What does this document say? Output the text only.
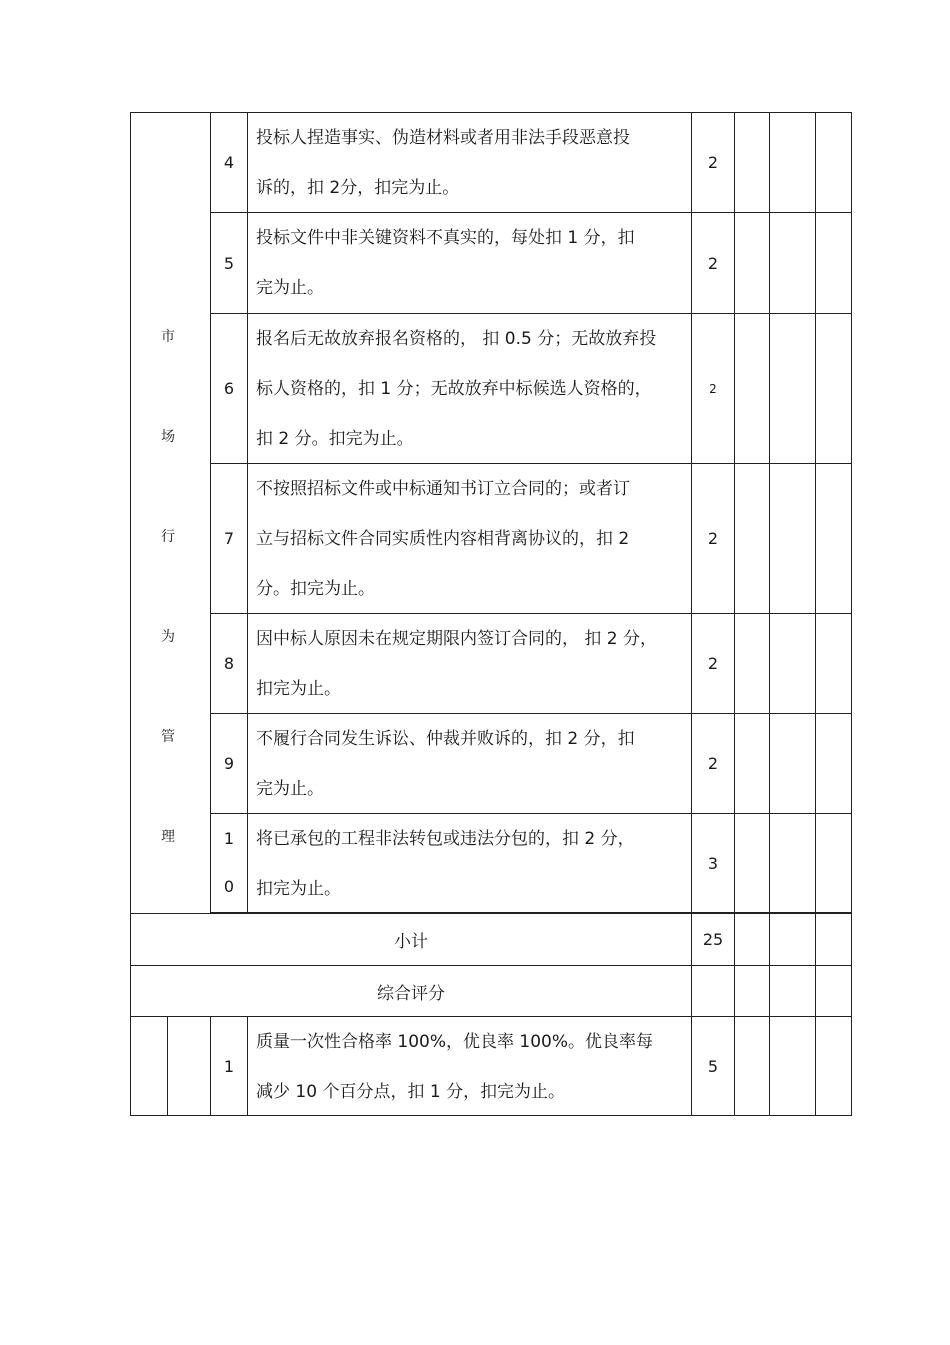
市
场
行
为
管
理
4
投标人捏造事实、伪造材料或者用非法手段恶意投
诉的，扣 2分，扣完为止。
2
5
投标文件中非关键资料不真实的，每处扣 1 分，扣
完为止。
2
6
报名后无故放弃报名资格的， 扣 0.5 分；无故放弃投
标人资格的，扣 1 分；无故放弃中标候选人资格的，
扣 2 分。扣完为止。
2
7
不按照招标文件或中标通知书订立合同的；或者订
立与招标文件合同实质性内容相背离协议的，扣 2
分。扣完为止。
2
8
因中标人原因未在规定期限内签订合同的， 扣 2 分，
扣完为止。
2
9
不履行合同发生诉讼、仲裁并败诉的，扣 2 分，扣
完为止。
2
1
0
将已承包的工程非法转包或违法分包的，扣 2 分，
扣完为止。
3
小计	25
综合评分
1
质量一次性合格率 100%，优良率 100%。优良率每
减少 10 个百分点，扣 1 分，扣完为止。
5
